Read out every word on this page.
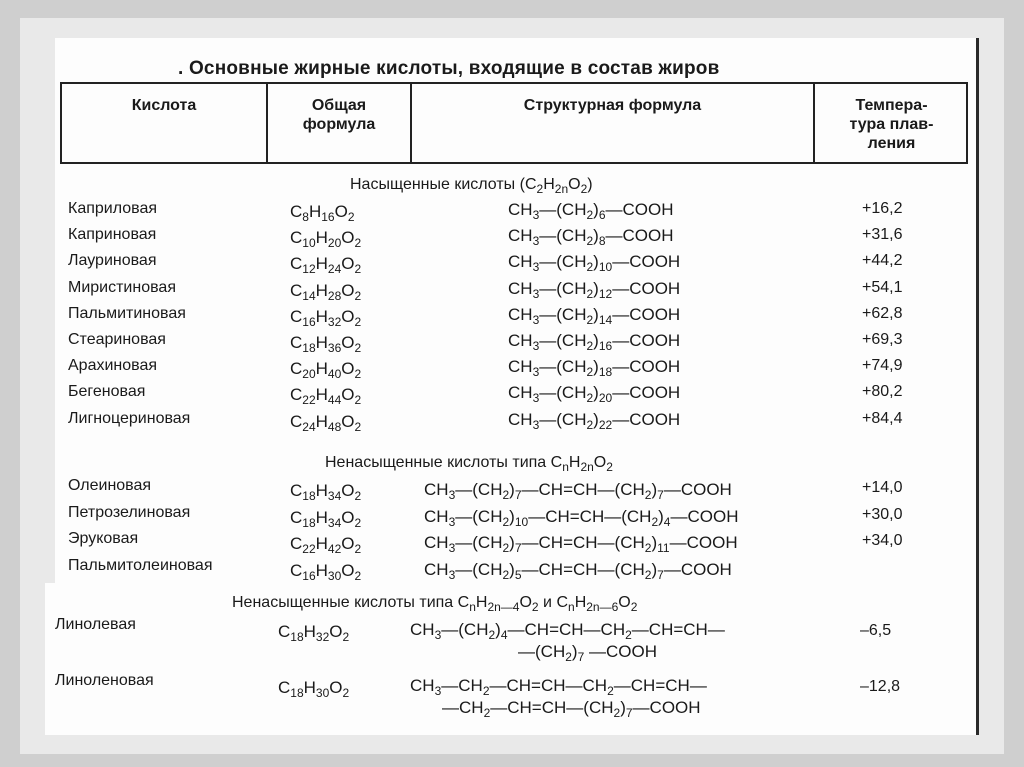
. Основные жирные кислоты, входящие в состав жиров
Кислота	Общая
формула
Структурная формула	Темпера-
тура плав-
ления
Насыщенные кислоты $(C_2H_{2n}O_2)$
Ненасыщенные кислоты типа $C_nH_{2n}O_2$
Ненасыщенные кислоты типа $C_nH_{2n—4}O_2$ и $C_nH_{2n—6}O_2$
Каприловая	$C_8H_{16}O_2$	$CH_3—(CH_2)_6—COOH$	+16,2
Каприновая	$C_{10}H_{20}O_2$	$CH_3—(CH_2)_8—COOH$	+31,6
Лауриновая	$C_{12}H_{24}O_2$	$CH_3—(CH_2)_{10}—COOH$	+44,2
Миристиновая	$C_{14}H_{28}O_2$	$CH_3—(CH_2)_{12}—COOH$	+54,1
Пальмитиновая	$C_{16}H_{32}O_2$	$CH_3—(CH_2)_{14}—COOH$	+62,8
Стеариновая	$C_{18}H_{36}O_2$	$CH_3—(CH_2)_{16}—COOH$	+69,3
Арахиновая	$C_{20}H_{40}O_2$	$CH_3—(CH_2)_{18}—COOH$	+74,9
Бегеновая	$C_{22}H_{44}O_2$	$CH_3—(CH_2)_{20}—COOH$	+80,2
Лигноцериновая	$C_{24}H_{48}O_2$	$CH_3—(CH_2)_{22}—COOH$	+84,4
Олеиновая	$C_{18}H_{34}O_2$	$CH_3—(CH_2)_7—CH=CH—(CH_2)_7—COOH$	+14,0
Петрозелиновая	$C_{18}H_{34}O_2$	$CH_3—(CH_2)_{10}—CH=CH—(CH_2)_4—COOH$	+30,0
Эруковая	$C_{22}H_{42}O_2$	$CH_3—(CH_2)_7—CH=CH—(CH_2)_{11}—COOH$	+34,0
Пальмитолеиновая	$C_{16}H_{30}O_2$	$CH_3—(CH_2)_5—CH=CH—(CH_2)_7—COOH$
Линолевая	$C_{18}H_{32}O_2$	$CH_3—(CH_2)_4—CH=CH—CH_2—CH=CH—$
$—(CH_2)_7$ —COOH
–6,5
Линоленовая	$C_{18}H_{30}O_2$	$CH_3—CH_2—CH=CH—CH_2—CH=CH—$
$—CH_2—CH=CH—(CH_2)_7—COOH$
–12,8
